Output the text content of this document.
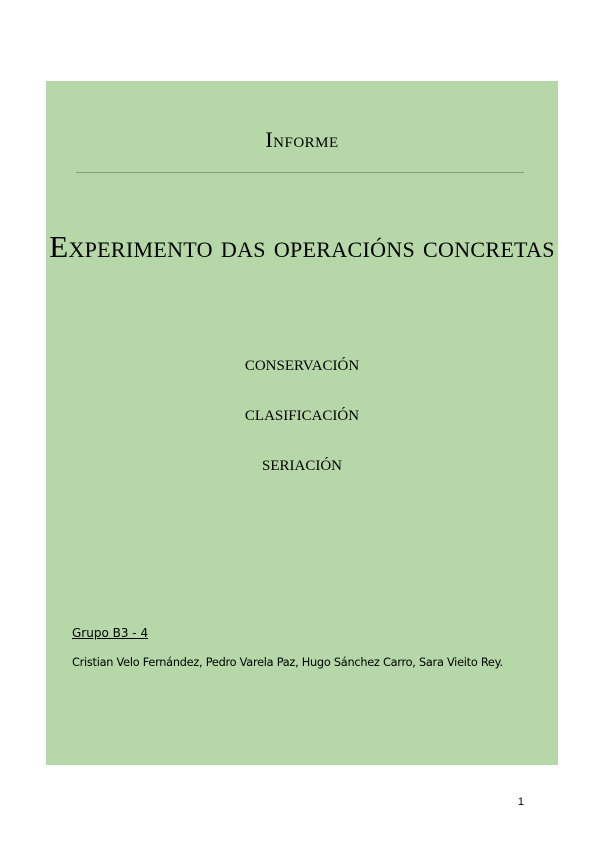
Informe
Experimento das operacións concretas
conservación
clasificación
seriación
Grupo B3 - 4
Cristian Velo Fernández, Pedro Varela Paz, Hugo Sánchez Carro, Sara Vieito Rey.
1
